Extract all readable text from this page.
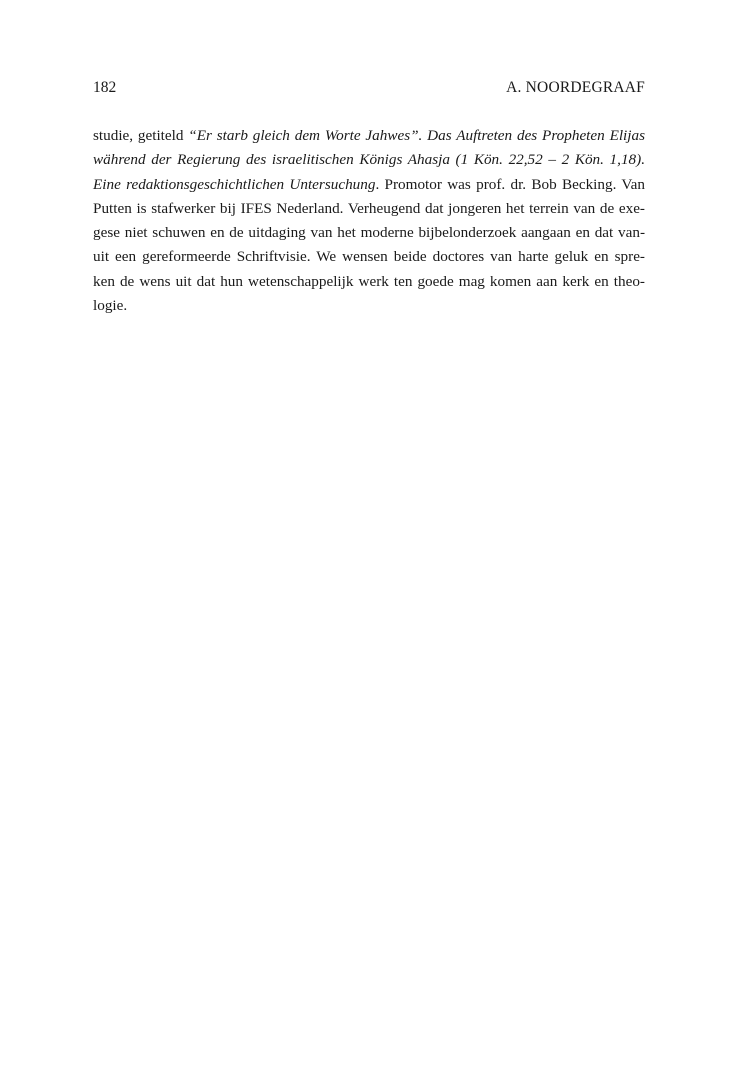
182	A. NOORDEGRAAF
studie, getiteld “Er starb gleich dem Worte Jahwes”. Das Auftreten des Propheten Elijas
während der Regierung des israelitischen Königs Ahasja (1 Kön. 22,52 – 2 Kön. 1,18).
Eine redaktionsgeschichtlichen Untersuchung. Promotor was prof. dr. Bob Becking. Van
Putten is stafwerker bij IFES Nederland. Verheugend dat jongeren het terrein van de exe-
gese niet schuwen en de uitdaging van het moderne bijbelonderzoek aangaan en dat van-
uit een gereformeerde Schriftvisie. We wensen beide doctores van harte geluk en spre-
ken de wens uit dat hun wetenschappelijk werk ten goede mag komen aan kerk en theo-
logie.
